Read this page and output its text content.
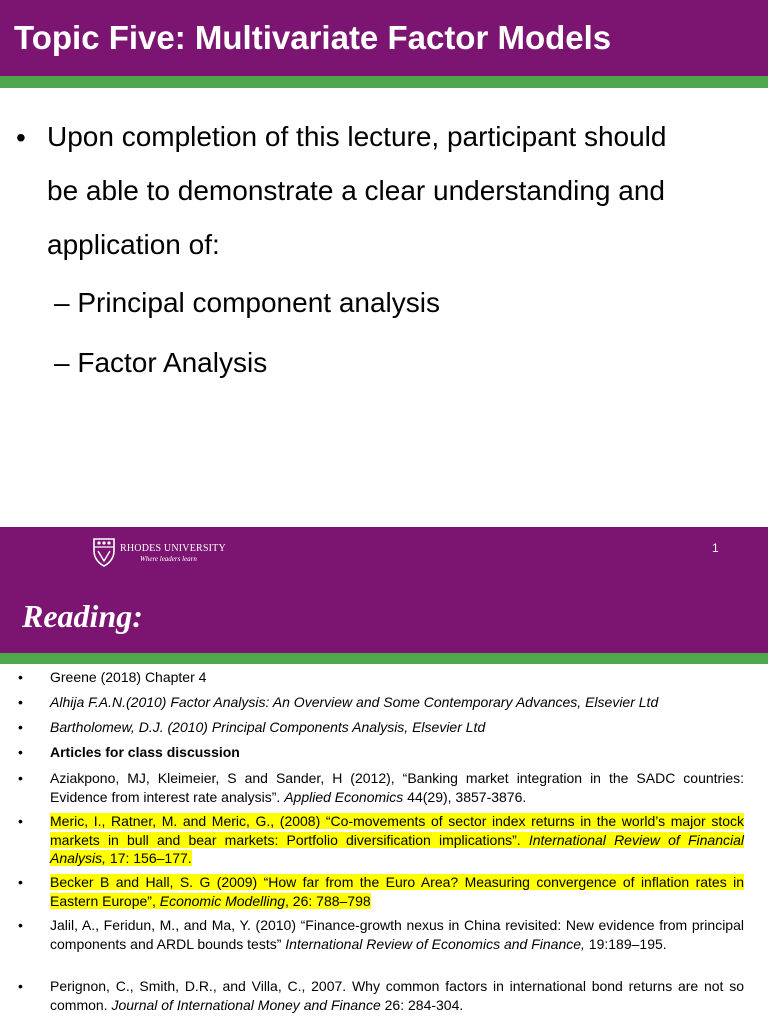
Topic Five: Multivariate Factor Models
• Upon completion of this lecture, participant should
be able to demonstrate a clear understanding and
application of:
– Principal component analysis
– Factor Analysis
RHODES UNIVERSITY
Where leaders learn
1
Reading:
• Greene (2018) Chapter 4
• Alhija F.A.N.(2010) Factor Analysis: An Overview and Some Contemporary Advances, Elsevier Ltd
• Bartholomew, D.J. (2010) Principal Components Analysis, Elsevier Ltd
• Articles for class discussion
• Aziakpono, MJ, Kleimeier, S and Sander, H (2012), “Banking market integration in the SADC countries: Evidence from interest rate analysis”. Applied Economics 44(29), 3857-3876.
• Meric, I., Ratner, M. and Meric, G., (2008) “Co-movements of sector index returns in the world’s major stock markets in bull and bear markets: Portfolio diversification implications”. International Review of Financial Analysis, 17: 156–177.
• Becker B and Hall, S. G (2009) “How far from the Euro Area? Measuring convergence of inflation rates in Eastern Europe”, Economic Modelling, 26: 788–798
• Jalil, A., Feridun, M., and Ma, Y. (2010) “Finance-growth nexus in China revisited: New evidence from principal components and ARDL bounds tests” International Review of Economics and Finance, 19:189–195.
• Perignon, C., Smith, D.R., and Villa, C., 2007. Why common factors in international bond returns are not so common. Journal of International Money and Finance 26: 284-304.
